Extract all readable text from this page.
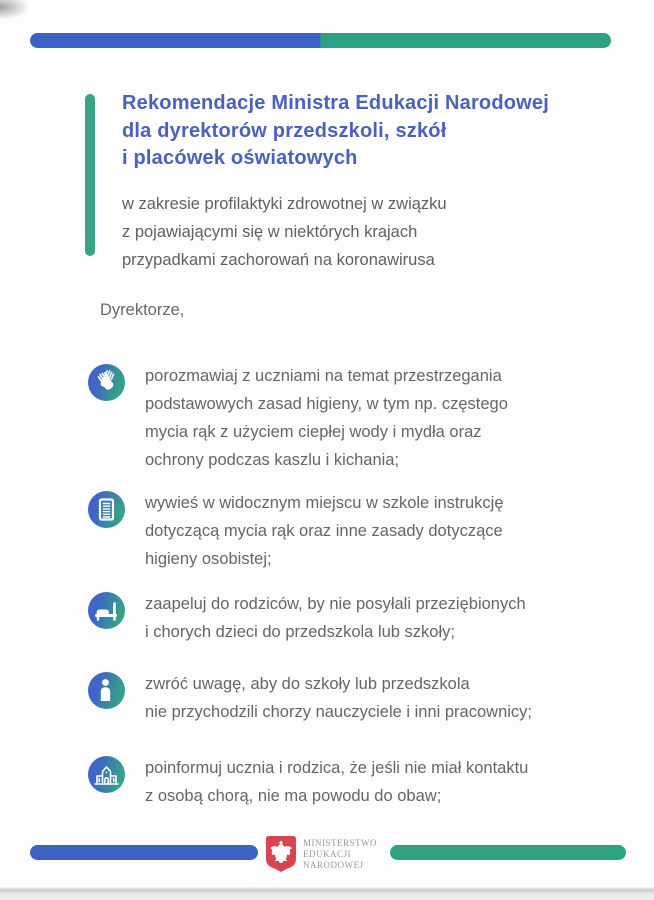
Rekomendacje Ministra Edukacji Narodowej
dla dyrektorów przedszkoli, szkół
i placówek oświatowych
w zakresie profilaktyki zdrowotnej w związku
z pojawiającymi się w niektórych krajach
przypadkami zachorowań na koronawirusa
Dyrektorze,
porozmawiaj z uczniami na temat przestrzegania
podstawowych zasad higieny, w tym np. częstego
mycia rąk z użyciem ciepłej wody i mydła oraz
ochrony podczas kaszlu i kichania;
wywieś w widocznym miejscu w szkole instrukcję
dotyczącą mycia rąk oraz inne zasady dotyczące
higieny osobistej;
zaapeluj do rodziców, by nie posyłali przeziębionych
i chorych dzieci do przedszkola lub szkoły;
zwróć uwagę, aby do szkoły lub przedszkola
nie przychodzili chorzy nauczyciele i inni pracownicy;
poinformuj ucznia i rodzica, że jeśli nie miał kontaktu
z osobą chorą, nie ma powodu do obaw;
MINISTERSTWO
EDUKACJI
NARODOWEJ
